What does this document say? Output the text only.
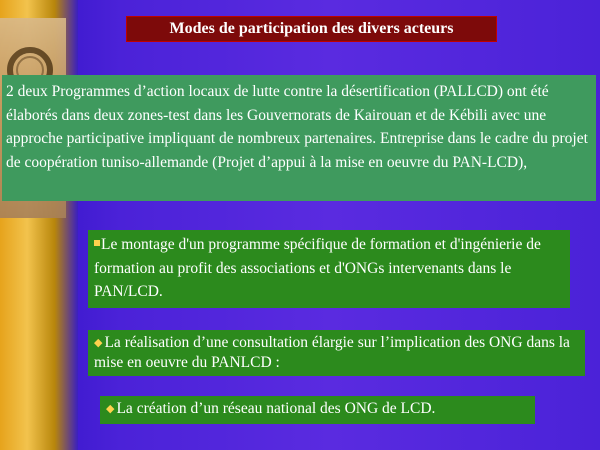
Modes de participation des divers acteurs
2 deux Programmes d’action locaux de lutte contre la désertification (PALLCD) ont été élaborés dans deux zones-test dans les Gouvernorats de Kairouan et de Kébili avec une approche participative impliquant de nombreux partenaires. Entreprise dans le cadre du projet de coopération tuniso-allemande (Projet d’appui à la mise en oeuvre du PAN-LCD),
Le montage d'un programme spécifique de formation et d'ingénierie de formation au profit des associations et d'ONGs intervenants dans le PAN/LCD.
◆ La réalisation d’une consultation élargie sur l’implication des ONG dans la mise en oeuvre du PANLCD :
◆ La création d’un réseau national des ONG de LCD.
